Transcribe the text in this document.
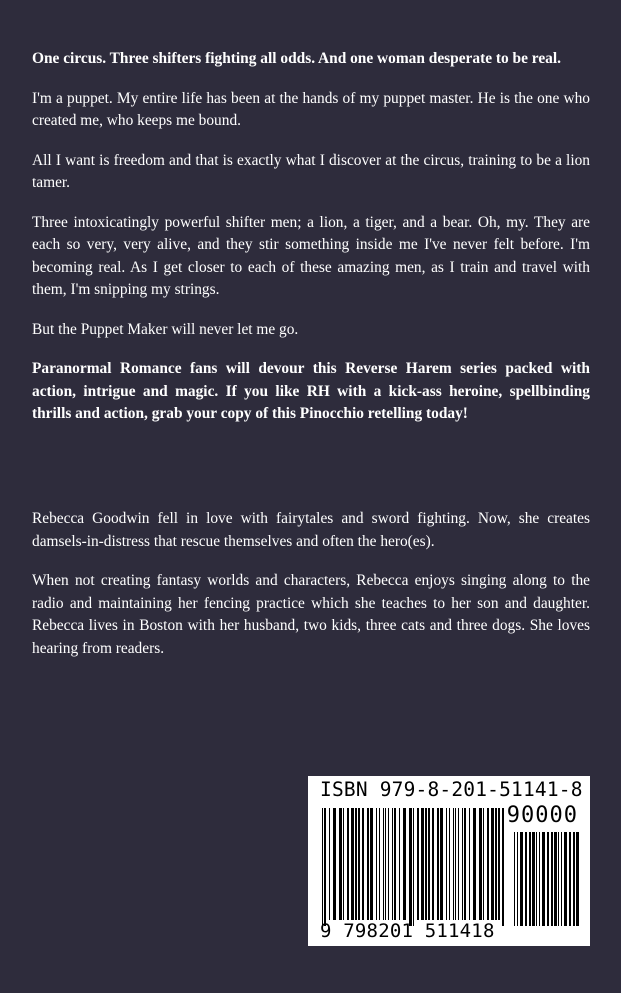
One circus. Three shifters fighting all odds. And one woman desperate to be real.

I'm a puppet. My entire life has been at the hands of my puppet master. He is the one who created me, who keeps me bound.

All I want is freedom and that is exactly what I discover at the circus, training to be a lion tamer.

Three intoxicatingly powerful shifter men; a lion, a tiger, and a bear. Oh, my. They are each so very, very alive, and they stir something inside me I've never felt before. I'm becoming real. As I get closer to each of these amazing men, as I train and travel with them, I'm snipping my strings.

But the Puppet Maker will never let me go.

Paranormal Romance fans will devour this Reverse Harem series packed with action, intrigue and magic. If you like RH with a kick-ass heroine, spellbinding thrills and action, grab your copy of this Pinocchio retelling today!

Rebecca Goodwin fell in love with fairytales and sword fighting. Now, she creates damsels-in-distress that rescue themselves and often the hero(es).

When not creating fantasy worlds and characters, Rebecca enjoys singing along to the radio and maintaining her fencing practice which she teaches to her son and daughter. Rebecca lives in Boston with her husband, two kids, three cats and three dogs. She loves hearing from readers.

ISBN 979-8-201-51141-8
90000
9 798201 511418
